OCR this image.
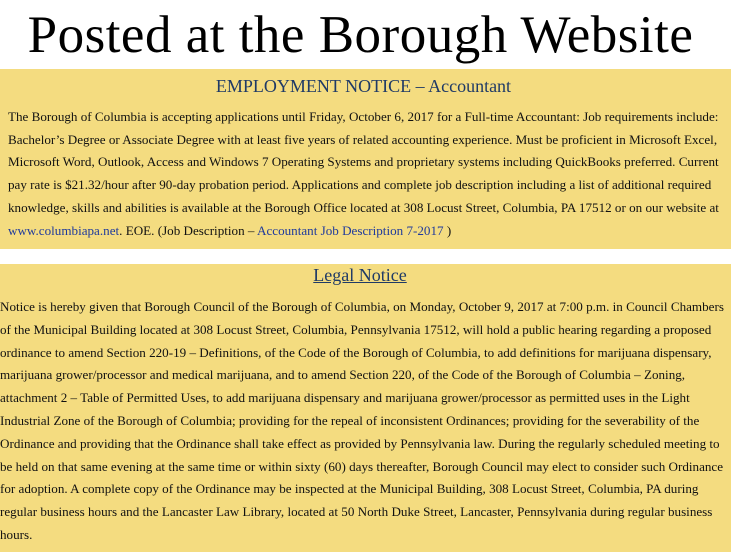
Posted at the Borough Website
EMPLOYMENT NOTICE – Accountant
The Borough of Columbia is accepting applications until Friday, October 6, 2017 for a Full-time Accountant: Job requirements include: Bachelor’s Degree or Associate Degree with at least five years of related accounting experience. Must be proficient in Microsoft Excel, Microsoft Word, Outlook, Access and Windows 7 Operating Systems and proprietary systems including QuickBooks preferred. Current pay rate is $21.32/hour after 90-day probation period. Applications and complete job description including a list of additional required knowledge, skills and abilities is available at the Borough Office located at 308 Locust Street, Columbia, PA 17512 or on our website at www.columbiapa.net. EOE. (Job Description – Accountant Job Description 7-2017 )
Legal Notice
Notice is hereby given that Borough Council of the Borough of Columbia, on Monday, October 9, 2017 at 7:00 p.m. in Council Chambers of the Municipal Building located at 308 Locust Street, Columbia, Pennsylvania 17512, will hold a public hearing regarding a proposed ordinance to amend Section 220-19 – Definitions, of the Code of the Borough of Columbia, to add definitions for marijuana dispensary, marijuana grower/processor and medical marijuana, and to amend Section 220, of the Code of the Borough of Columbia – Zoning, attachment 2 – Table of Permitted Uses, to add marijuana dispensary and marijuana grower/processor as permitted uses in the Light Industrial Zone of the Borough of Columbia; providing for the repeal of inconsistent Ordinances; providing for the severability of the Ordinance and providing that the Ordinance shall take effect as provided by Pennsylvania law. During the regularly scheduled meeting to be held on that same evening at the same time or within sixty (60) days thereafter, Borough Council may elect to consider such Ordinance for adoption. A complete copy of the Ordinance may be inspected at the Municipal Building, 308 Locust Street, Columbia, PA during regular business hours and the Lancaster Law Library, located at 50 North Duke Street, Lancaster, Pennsylvania during regular business hours.
